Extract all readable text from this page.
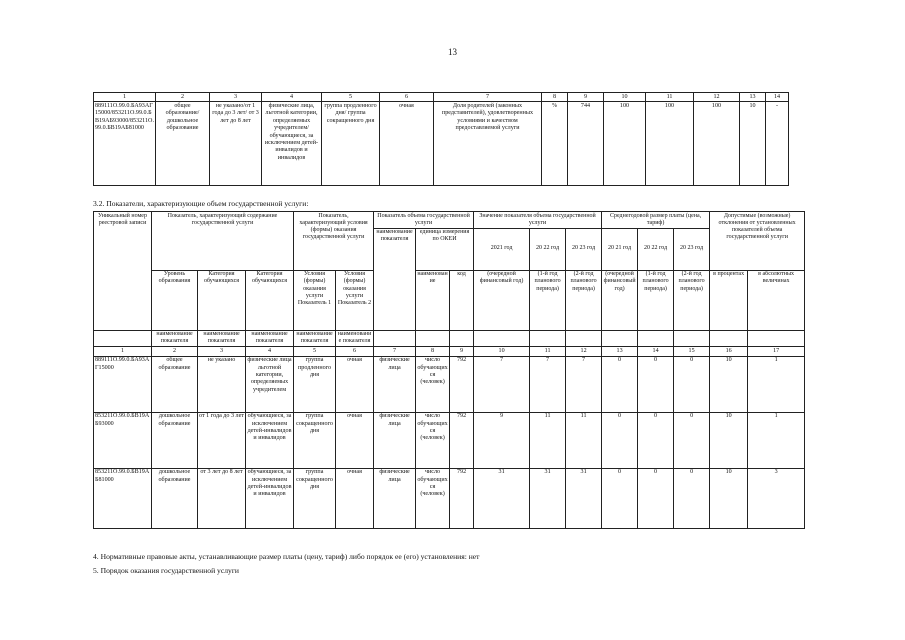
13
1	2	3	4	5	6	7	8	9	10	11	12	13	14
889111О.99.0.БА93АГ15000/853211О.99.0.БВ19АБ93000/853211О.99.0.БВ19АБ81000	общее образование/ дошкольное образование	не указано/от 1 года до 3 лет/ от 3 лет до 8 лет	физические лица, льготной категории, определяемых учредителем/ обучающиеся, за исключением детей-инвалидов и инвалидов	группа продленного дня/ группа сокращенного дня	очная	Доля родителей (законных представителей), удовлетворенных условиями и качеством предоставляемой услуги	%	744	100	100	100	10	-
3.2. Показатели, характеризующие объем государственной услуги:
Уникальный номер реестровой записи	Показатель, характеризующий содержание государственной услуги			Показатель, характеризующий условия (формы) оказания государственной услуги		Показатель объема государственной услуги			Значение показателя объема государственной услуги			Среднегодовой размер платы (цена, тариф)			Допустимые (возможные) отклонения от установленных показателей объема государственной услуги	
						наименование показателя	единица измерения по ОКЕИ		2021 год	20 22 год	20 23 год	20 21 год	20 22 год	20 23 год		
	Уровень образования	Категория обучающихся	Категория обучающихся	Условия (формы) оказания услуги Показатель 1	Условия (формы) оказания услуги Показатель 2		наименование	код	(очередной финансовый год)	(1-й год планового периода)	(2-й год планового периода)	(очередной финансовый год)	(1-й год планового периода)	(2-й год планового периода)	в процентах	в абсолютных величинах
	наименование показателя	наименование показателя	наименование показателя	наименование показателя	наименование показателя											
1	2	3	4	5	6	7	8	9	10	11	12	13	14	15	16	17
889111О.99.0.БА93АГ15000	общее образование	не указано	физические лица льготной категории, определяемых учредителем	группа продленного дня	очная	физические лица	число обучающихся (человек)	792	7	7	7	0	0	0	10	1
853211О.99.0.БВ19АБ93000	дошкольное образование	от 1 года до 3 лет	обучающиеся, за исключением детей-инвалидов и инвалидов	группа сокращенного дня	очная	физические лица	число обучающихся (человек)	792	9	11	11	0	0	0	10	1
853211О.99.0.БВ19АБ81000	дошкольное образование	от 3 лет до 8 лет	обучающиеся, за исключением детей-инвалидов и инвалидов	группа сокращенного дня	очная	физические лица	число обучающихся (человек)	792	31	31	31	0	0	0	10	3
4. Нормативные правовые акты, устанавливающие размер платы (цену, тариф) либо порядок ее (его) установления: нет
5. Порядок оказания государственной услуги
